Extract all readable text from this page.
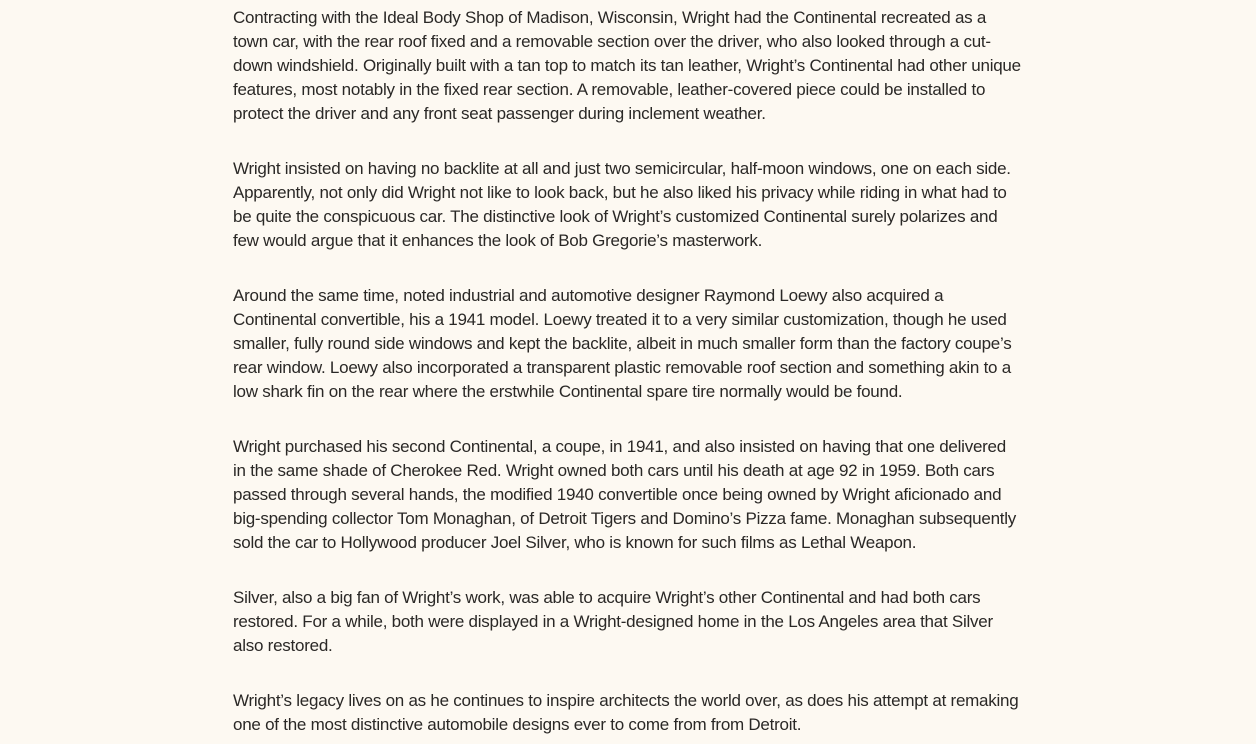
Contracting with the Ideal Body Shop of Madison, Wisconsin, Wright had the Continental recreated as a town car, with the rear roof fixed and a removable section over the driver, who also looked through a cut-down windshield. Originally built with a tan top to match its tan leather, Wright’s Continental had other unique features, most notably in the fixed rear section. A removable, leather-covered piece could be installed to protect the driver and any front seat passenger during inclement weather.

Wright insisted on having no backlite at all and just two semicircular, half-moon windows, one on each side. Apparently, not only did Wright not like to look back, but he also liked his privacy while riding in what had to be quite the conspicuous car. The distinctive look of Wright’s customized Continental surely polarizes and few would argue that it enhances the look of Bob Gregorie’s masterwork.

Around the same time, noted industrial and automotive designer Raymond Loewy also acquired a Continental convertible, his a 1941 model. Loewy treated it to a very similar customization, though he used smaller, fully round side windows and kept the backlite, albeit in much smaller form than the factory coupe’s rear window. Loewy also incorporated a transparent plastic removable roof section and something akin to a low shark fin on the rear where the erstwhile Continental spare tire normally would be found.

Wright purchased his second Continental, a coupe, in 1941, and also insisted on having that one delivered in the same shade of Cherokee Red. Wright owned both cars until his death at age 92 in 1959. Both cars passed through several hands, the modified 1940 convertible once being owned by Wright aficionado and big-spending collector Tom Monaghan, of Detroit Tigers and Domino’s Pizza fame. Monaghan subsequently sold the car to Hollywood producer Joel Silver, who is known for such films as Lethal Weapon.

Silver, also a big fan of Wright’s work, was able to acquire Wright’s other Continental and had both cars restored. For a while, both were displayed in a Wright-designed home in the Los Angeles area that Silver also restored.

Wright’s legacy lives on as he continues to inspire architects the world over, as does his attempt at remaking one of the most distinctive automobile designs ever to come from from Detroit.
